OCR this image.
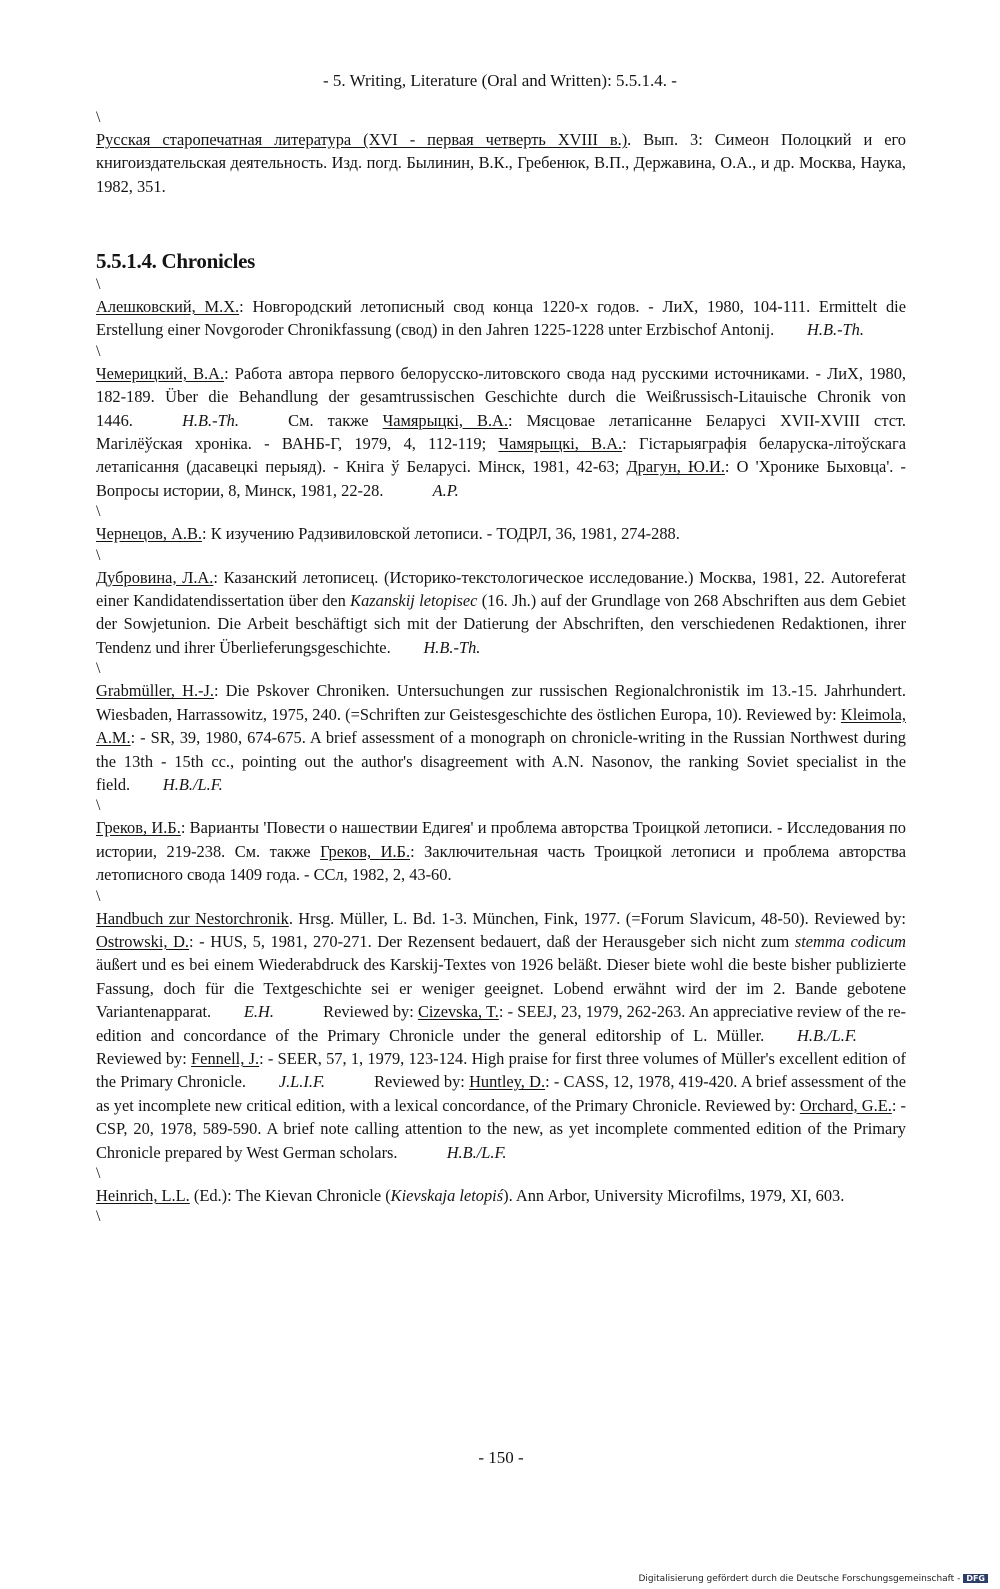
- 5. Writing, Literature (Oral and Written): 5.5.1.4. -

\

Русская старопечатная литература (XVI - первая четверть XVIII в.). Вып. 3: Симеон Полоцкий и его книгоиздательская деятельность. Изд. погд. Былинин, В.К., Гребенюк, В.П., Державина, О.А., и др. Москва, Наука, 1982, 351.

5.5.1.4. Chronicles

\

Алешковский, М.Х.: Новгородский летописный свод конца 1220-х годов. - ЛиХ, 1980, 104-111. Ermittelt die Erstellung einer Novgoroder Chronikfassung (свод) in den Jahren 1225-1228 unter Erzbischof Antonij.   H.B.-Th.

\

Чемерицкий, В.А.: Работа автора первого белорусско-литовского свода над русскими источниками. - ЛиХ, 1980, 182-189. Über die Behandlung der gesamtrussischen Geschichte durch die Weißrussisch-Litauische Chronik von 1446.   	H.B.-Th.   	См. также Чамярыцкі, В.А.: Мясцовае летапісанне Беларусі XVII-XVIII стст. Магілёўская хроніка. - ВАНБ-Г, 1979, 4, 112-119; Чамярыцкі, В.А.: Гістарыяграфія беларуска-літоўскага летапісання (дасавецкі перыяд). - Кніга ў Беларусі. Мінск, 1981, 42-63; Драгун, Ю.И.: О 'Хронике Быховца'. - Вопросы истории, 8, Минск, 1981, 22-28.   	A.P.

\

Чернецов, А.В.: К изучению Радзивиловской летописи. - ТОДРЛ, 36, 1981, 274-288.

\

Дубровина, Л.А.: Казанский летописец. (Историко-текстологическое исследование.) Москва, 1981, 22. Autoreferat einer Kandidatendissertation über den Kazanskij letopisec (16. Jh.) auf der Grundlage von 268 Abschriften aus dem Gebiet der Sowjetunion. Die Arbeit beschäftigt sich mit der Datierung der Abschriften, den verschiedenen Redaktionen, ihrer Tendenz und ihrer Überlieferungsgeschichte.   H.B.-Th.

\

Grabmüller, H.-J.: Die Pskover Chroniken. Untersuchungen zur russischen Regionalchronistik im 13.-15. Jahrhundert. Wiesbaden, Harrassowitz, 1975, 240. (=Schriften zur Geistesgeschichte des östlichen Europa, 10). Reviewed by: Kleimola, A.M.: - SR, 39, 1980, 674-675. A brief assessment of a monograph on chronicle-writing in the Russian Northwest during the 13th - 15th cc., pointing out the author's disagreement with A.N. Nasonov, the ranking Soviet specialist in the field.   H.B./L.F.

\

Греков, И.Б.: Варианты 'Повести о нашествии Едигея' и проблема авторства Троицкой летописи. - Исследования по истории, 219-238. См. также Греков, И.Б.: Заключительная часть Троицкой летописи и проблема авторства летописного свода 1409 года. - ССл, 1982, 2, 43-60.

\

Handbuch zur Nestorchronik. Hrsg. Müller, L. Bd. 1-3. München, Fink, 1977. (=Forum Slavicum, 48-50). Reviewed by: Ostrowski, D.: - HUS, 5, 1981, 270-271. Der Rezensent bedauert, daß der Herausgeber sich nicht zum stemma codicum äußert und es bei einem Wiederabdruck des Karskij-Textes von 1926 beläßt. Dieser biete wohl die beste bisher publizierte Fassung, doch für die Textgeschichte sei er weniger geeignet. Lobend erwähnt wird der im 2. Bande gebotene Variantenapparat.   E.H.   	Reviewed by: Cizevska, T.: - SEEJ, 23, 1979, 262-263. An appreciative review of the re-edition and concordance of the Primary Chronicle under the general editorship of L. Müller.   H.B./L.F.   Reviewed by: Fennell, J.: - SEER, 57, 1, 1979, 123-124. High praise for first three volumes of Müller's excellent edition of the Primary Chronicle.   J.L.I.F.   	Reviewed by: Huntley, D.: - CASS, 12, 1978, 419-420. A brief assessment of the as yet incomplete new critical edition, with a lexical concordance, of the Primary Chronicle. Reviewed by: Orchard, G.E.: - CSP, 20, 1978, 589-590. A brief note calling attention to the new, as yet incomplete commented edition of the Primary Chronicle prepared by West German scholars.   	H.B./L.F.

\

Heinrich, L.L. (Ed.): The Kievan Chronicle (Kievskaja letopiś). Ann Arbor, University Microfilms, 1979, XI, 603.

\

- 150 -
Digitalisierung gefördert durch die Deutsche Forschungsgemeinschaft - DFG
